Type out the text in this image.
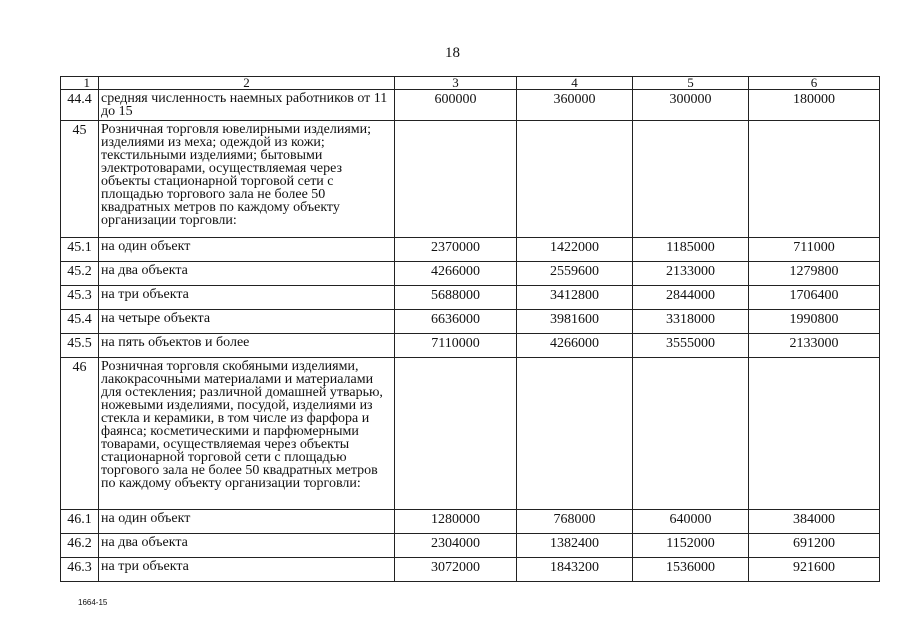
18
1	2	3	4	5	6
44.4	средняя численность наемных работников от 11 до 15	600000	360000	300000	180000
45	Розничная торговля ювелирными изделиями; изделиями из меха; одеждой из кожи; текстильными изделиями; бытовыми электротоварами, осуществляемая через объекты стационарной торговой сети с площадью торгового зала не более 50 квадратных метров по каждому объекту организации торговли:				
45.1	на один объект	2370000	1422000	1185000	711000
45.2	на два объекта	4266000	2559600	2133000	1279800
45.3	на три объекта	5688000	3412800	2844000	1706400
45.4	на четыре объекта	6636000	3981600	3318000	1990800
45.5	на пять объектов и более	7110000	4266000	3555000	2133000
46	Розничная торговля скобяными изделиями, лакокрасочными материалами и материалами для остекления; различной домашней утварью, ножевыми изделиями, посудой, изделиями из стекла и керамики, в том числе из фарфора и фаянса; косметическими и парфюмерными товарами, осуществляемая через объекты стационарной торговой сети с площадью торгового зала не более 50 квадратных метров по каждому объекту организации торговли:				
46.1	на один объект	1280000	768000	640000	384000
46.2	на два объекта	2304000	1382400	1152000	691200
46.3	на три объекта	3072000	1843200	1536000	921600
1664-15
